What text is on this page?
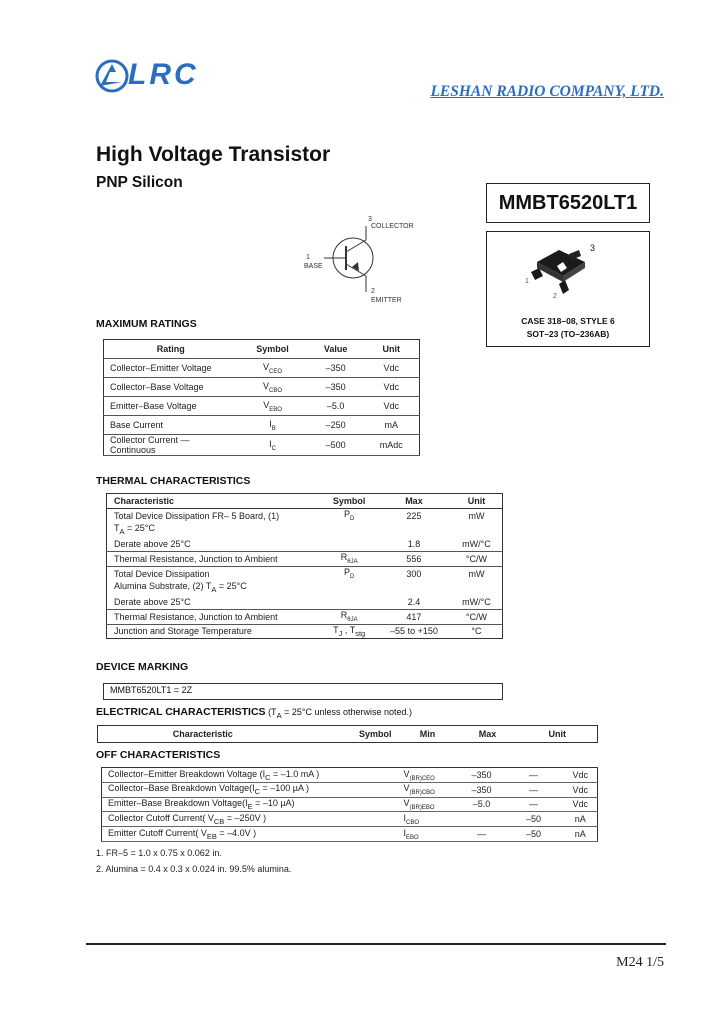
LRC
LESHAN RADIO COMPANY, LTD.
High Voltage Transistor
PNP Silicon
MMBT6520LT1
3
COLLECTOR
1
BASE
2
EMITTER
3
1
2
CASE 318–08, STYLE 6
SOT–23 (TO–236AB)
MAXIMUM RATINGS
Rating	Symbol	Value	Unit
Collector–Emitter Voltage	$V_{CEO}$	–350	Vdc
Collector–Base Voltage	$V_{CBO}$	–350	Vdc
Emitter–Base Voltage	$V_{EBO}$	–5.0	Vdc
Base Current	$I_B$	–250	mA
Collector Current — Continuous	$I_C$	–500	mAdc
THERMAL CHARACTERISTICS
Characteristic	Symbol	Max	Unit
Total Device Dissipation FR– 5 Board, (1)	$P_D$	225	mW
$T_A = 25^\circ C$			
Derate above 25°C		1.8	mW/°C
Thermal Resistance, Junction to Ambient	$R_{\theta JA}$	556	°C/W
Total Device Dissipation	$P_D$	300	mW
Alumina Substrate, (2) $T_A = 25^\circ C$			
Derate above 25°C		2.4	mW/°C
Thermal Resistance, Junction to Ambient	$R_{\theta JA}$	417	°C/W
Junction and Storage Temperature	$T_J$ , $T_{stg}$	–55 to +150	°C
DEVICE MARKING
MMBT6520LT1 = 2Z
ELECTRICAL CHARACTERISTICS ($T_A = 25^\circ C$ unless otherwise noted.)
Characteristic	Symbol	Min	Max	Unit
OFF CHARACTERISTICS
Collector–Emitter Breakdown Voltage ($I_C = -1.0$ mA )	$V_{(BR)CEO}$	–350	—	Vdc
Collector–Base Breakdown $Voltage(I_C = -100$ µA )	$V_{(BR)CBO}$	–350	—	Vdc
Emitter–Base Breakdown $Voltage(I_E = -10$ µA)	$V_{(BR)EBO}$	–5.0	—	Vdc
Collector Cutoff Current( $V_{CB} = -250V$ )	$I_{CBO}$		–50	nA
Emitter Cutoff Current( $V_{EB} = -4.0V$ )	$I_{EBO}$	—	–50	nA
1. FR–5 = 1.0 x 0.75 x 0.062 in.
2. Alumina = 0.4 x 0.3 x 0.024 in. 99.5% alumina.
M24 1/5
